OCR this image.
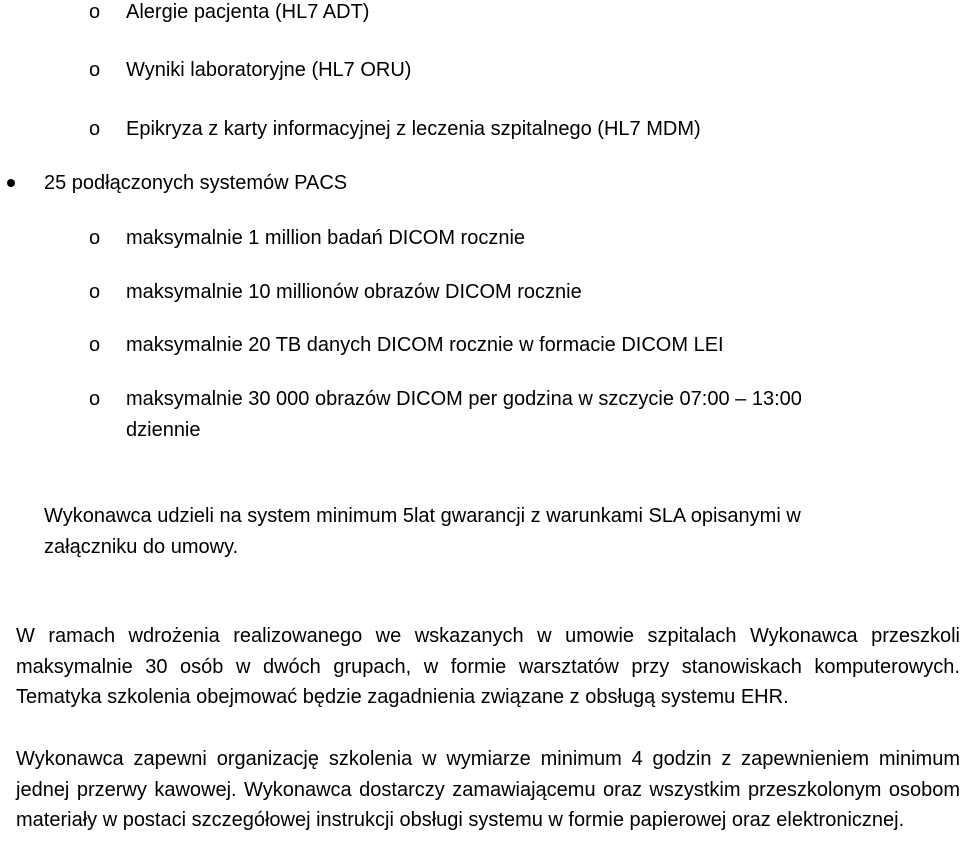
o Alergie pacjenta (HL7 ADT)
o Wyniki laboratoryjne (HL7 ORU)
o Epikryza z karty informacyjnej z leczenia szpitalnego (HL7 MDM)
25 podłączonych systemów PACS
o maksymalnie 1 million badań DICOM rocznie
o maksymalnie 10 millionów obrazów DICOM rocznie
o maksymalnie 20 TB danych DICOM rocznie w formacie DICOM LEI
o maksymalnie 30 000 obrazów DICOM per godzina w szczycie 07:00 – 13:00
dziennie
Wykonawca udzieli na system minimum 5lat gwarancji z warunkami SLA opisanymi w
załączniku do umowy.
W ramach wdrożenia realizowanego we wskazanych w umowie szpitalach Wykonawca przeszkoli maksymalnie 30 osób w dwóch grupach, w formie warsztatów przy stanowiskach komputerowych. Tematyka szkolenia obejmować będzie zagadnienia związane z obsługą systemu EHR.
Wykonawca zapewni organizację szkolenia w wymiarze minimum 4 godzin z zapewnieniem minimum jednej przerwy kawowej. Wykonawca dostarczy zamawiającemu oraz wszystkim przeszkolonym osobom materiały w postaci szczegółowej instrukcji obsługi systemu w formie papierowej oraz elektronicznej.
